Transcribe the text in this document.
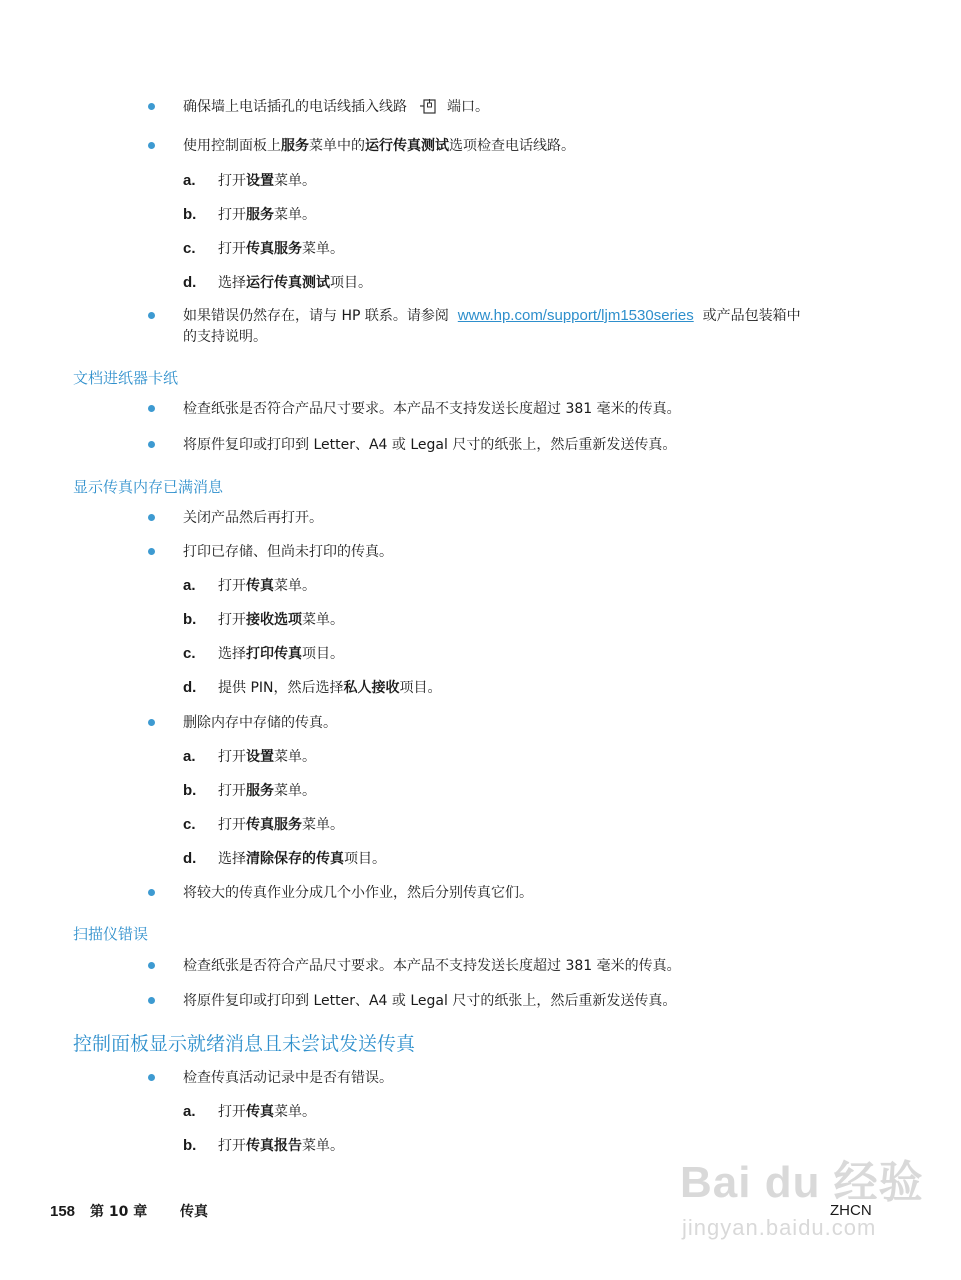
确保墙上电话插孔的电话线插入线路	端口。
使用控制面板上服务菜单中的运行传真测试选项检查电话线路。
a. 打开设置菜单。
b. 打开服务菜单。
c. 打开传真服务菜单。
d. 选择运行传真测试项目。
如果错误仍然存在，请与 HP 联系。请参阅 www.hp.com/support/ljm1530series 或产品包装箱中
的支持说明。
文档进纸器卡纸
检查纸张是否符合产品尺寸要求。本产品不支持发送长度超过 381 毫米的传真。
将原件复印或打印到 Letter、A4 或 Legal 尺寸的纸张上，然后重新发送传真。
显示传真内存已满消息
关闭产品然后再打开。
打印已存储、但尚未打印的传真。
a. 打开传真菜单。
b. 打开接收选项菜单。
c. 选择打印传真项目。
d. 提供 PIN，然后选择私人接收项目。
删除内存中存储的传真。
a. 打开设置菜单。
b. 打开服务菜单。
c. 打开传真服务菜单。
d. 选择清除保存的传真项目。
将较大的传真作业分成几个小作业，然后分别传真它们。
扫描仪错误
检查纸张是否符合产品尺寸要求。本产品不支持发送长度超过 381 毫米的传真。
将原件复印或打印到 Letter、A4 或 Legal 尺寸的纸张上，然后重新发送传真。
控制面板显示就绪消息且未尝试发送传真
检查传真活动记录中是否有错误。
a. 打开传真菜单。
b. 打开传真报告菜单。
Bai du 经验
jingyan.baidu.com
158 第 10 章 传真	ZHCN
